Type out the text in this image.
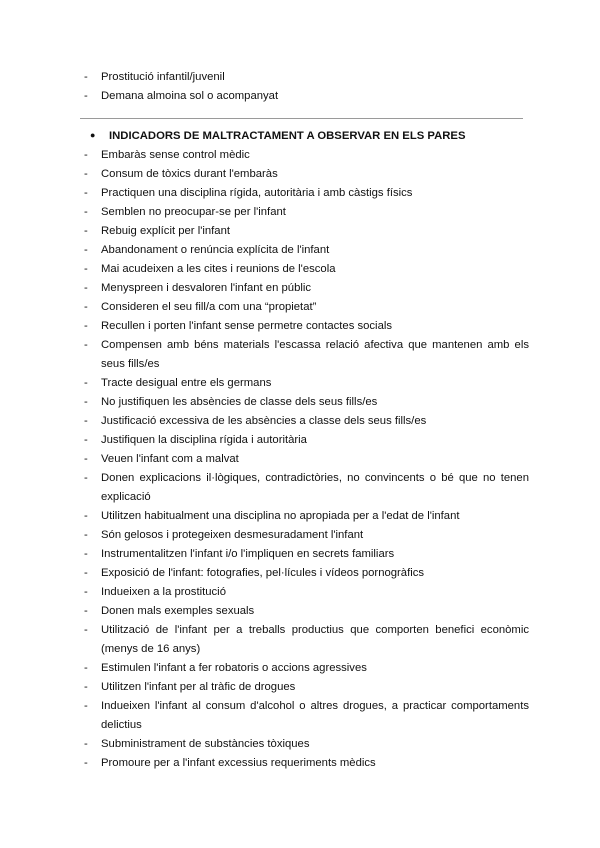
- Prostitució infantil/juvenil
- Demana almoina sol o acompanyat
● INDICADORS DE MALTRACTAMENT A OBSERVAR EN ELS PARES
- Embaràs sense control mèdic
- Consum de tòxics durant l'embaràs
- Practiquen una disciplina rígida, autoritària i amb càstigs físics
- Semblen no preocupar-se per l'infant
- Rebuig explícit per l'infant
- Abandonament o renúncia explícita de l'infant
- Mai acudeixen a les cites i reunions de l'escola
- Menyspreen i desvaloren l'infant en públic
- Consideren el seu fill/a com una “propietat”
- Recullen i porten l'infant sense permetre contactes socials
- Compensen amb béns materials l'escassa relació afectiva que mantenen amb els seus fills/es
- Tracte desigual entre els germans
- No justifiquen les absències de classe dels seus fills/es
- Justificació excessiva de les absències a classe dels seus fills/es
- Justifiquen la disciplina rígida i autoritària
- Veuen l'infant com a malvat
- Donen explicacions il·lògiques, contradictòries, no convincents o bé que no tenen explicació
- Utilitzen habitualment una disciplina no apropiada per a l'edat de l'infant
- Són gelosos i protegeixen desmesuradament l'infant
- Instrumentalitzen l'infant i/o l'impliquen en secrets familiars
- Exposició de l'infant: fotografies, pel·lícules i vídeos pornogràfics
- Indueixen a la prostitució
- Donen mals exemples sexuals
- Utilització de l'infant per a treballs productius que comporten benefici econòmic (menys de 16 anys)
- Estimulen l'infant a fer robatoris o accions agressives
- Utilitzen l'infant per al tràfic de drogues
- Indueixen l'infant al consum d'alcohol o altres drogues, a practicar comportaments delictius
- Subministrament de substàncies tòxiques
- Promoure per a l'infant excessius requeriments mèdics
